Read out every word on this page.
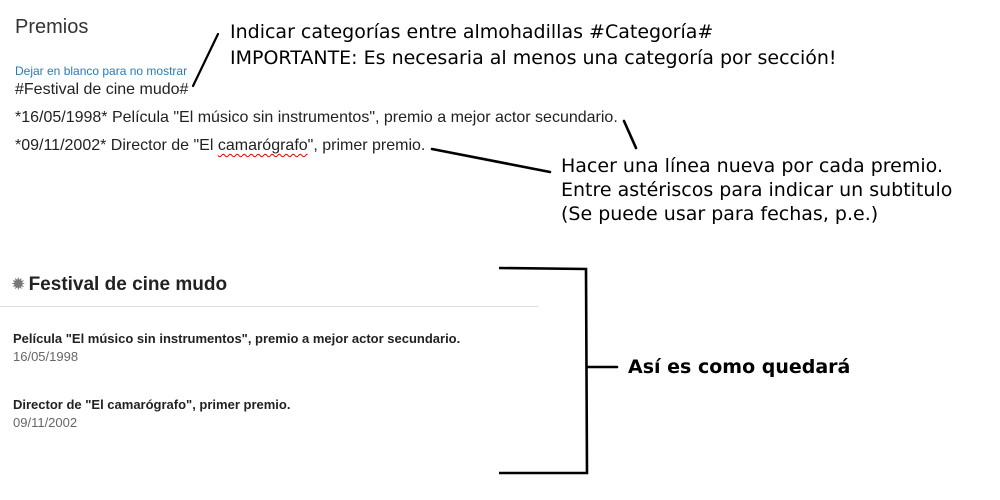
Premios
Dejar en blanco para no mostrar
#Festival de cine mudo#
*16/05/1998* Película "El músico sin instrumentos", premio a mejor actor secundario.
*09/11/2002* Director de "El camarógrafo", primer premio.
Indicar categorías entre almohadillas #Categoría#
IMPORTANTE: Es necesaria al menos una categoría por sección!
Hacer una línea nueva por cada premio.
Entre astériscos para indicar un subtitulo
(Se puede usar para fechas, p.e.)
Así es como quedará
✹ Festival de cine mudo
Película "El músico sin instrumentos", premio a mejor actor secundario.
16/05/1998
Director de "El camarógrafo", primer premio.
09/11/2002
